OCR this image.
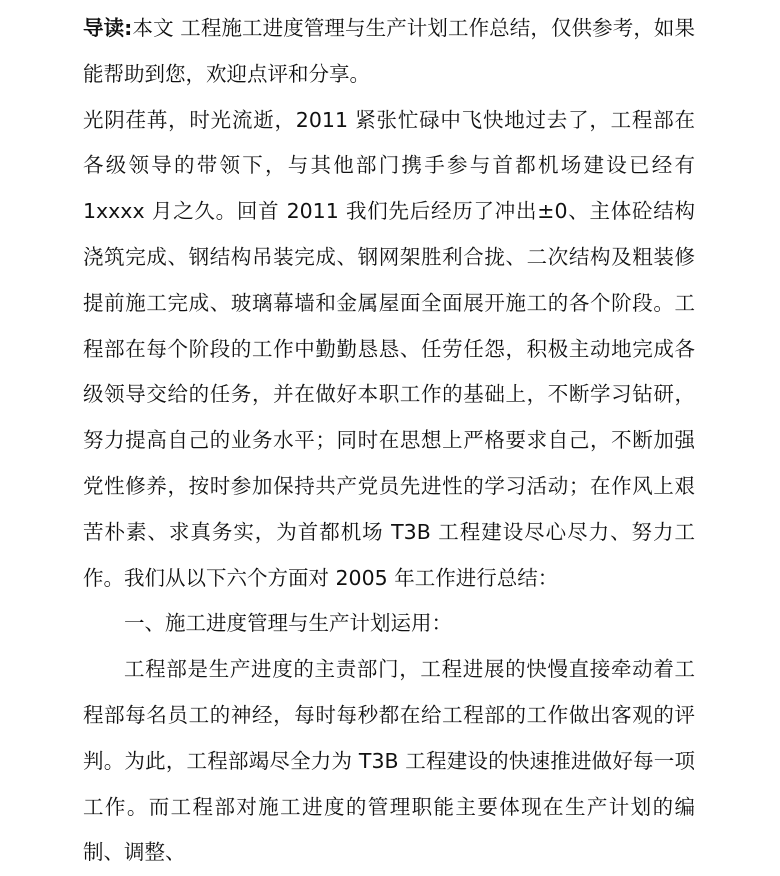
导读:本文 工程施工进度管理与生产计划工作总结，仅供参考，如果能帮助到您，欢迎点评和分享。

光阴荏苒，时光流逝，2011 紧张忙碌中飞快地过去了，工程部在各级领导的带领下，与其他部门携手参与首都机场建设已经有 1xxxx 月之久。回首 2011 我们先后经历了冲出±0、主体砼结构浇筑完成、钢结构吊装完成、钢网架胜利合拢、二次结构及粗装修提前施工完成、玻璃幕墙和金属屋面全面展开施工的各个阶段。工程部在每个阶段的工作中勤勤恳恳、任劳任怨，积极主动地完成各级领导交给的任务，并在做好本职工作的基础上，不断学习钻研，努力提高自己的业务水平；同时在思想上严格要求自己，不断加强党性修养，按时参加保持共产党员先进性的学习活动；在作风上艰苦朴素、求真务实，为首都机场 T3B 工程建设尽心尽力、努力工作。我们从以下六个方面对 2005 年工作进行总结：

一、施工进度管理与生产计划运用：

工程部是生产进度的主责部门，工程进展的快慢直接牵动着工程部每名员工的神经，每时每秒都在给工程部的工作做出客观的评判。为此，工程部竭尽全力为 T3B 工程建设的快速推进做好每一项工作。而工程部对施工进度的管理职能主要体现在生产计划的编制、调整、
